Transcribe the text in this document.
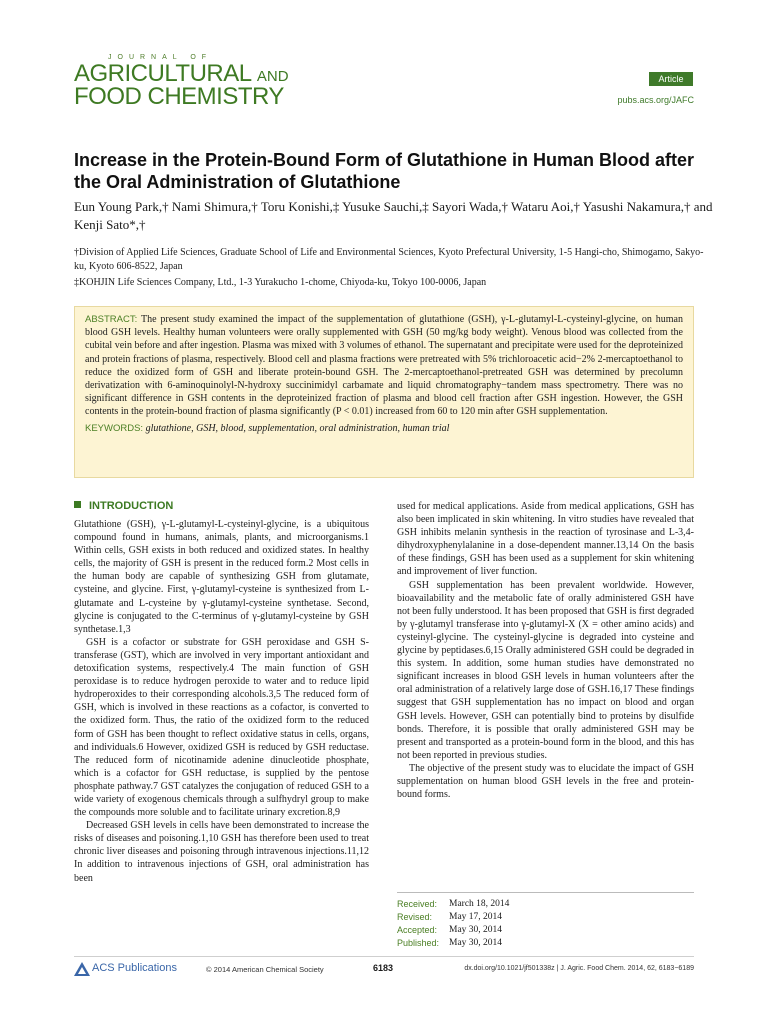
JOURNAL OF
AGRICULTURAL AND
FOOD CHEMISTRY
Article
pubs.acs.org/JAFC
Increase in the Protein-Bound Form of Glutathione in Human Blood after the Oral Administration of Glutathione
Eun Young Park,† Nami Shimura,† Toru Konishi,‡ Yusuke Sauchi,‡ Sayori Wada,† Wataru Aoi,† Yasushi Nakamura,† and Kenji Sato*,†
†Division of Applied Life Sciences, Graduate School of Life and Environmental Sciences, Kyoto Prefectural University, 1-5 Hangi-cho, Shimogamo, Sakyo-ku, Kyoto 606-8522, Japan
‡KOHJIN Life Sciences Company, Ltd., 1-3 Yurakucho 1-chome, Chiyoda-ku, Tokyo 100-0006, Japan
ABSTRACT: The present study examined the impact of the supplementation of glutathione (GSH), γ-L-glutamyl-L-cysteinyl-glycine, on human blood GSH levels. Healthy human volunteers were orally supplemented with GSH (50 mg/kg body weight). Venous blood was collected from the cubital vein before and after ingestion. Plasma was mixed with 3 volumes of ethanol. The supernatant and precipitate were used for the deproteinized and protein fractions of plasma, respectively. Blood cell and plasma fractions were pretreated with 5% trichloroacetic acid−2% 2-mercaptoethanol to reduce the oxidized form of GSH and liberate protein-bound GSH. The 2-mercaptoethanol-pretreated GSH was determined by precolumn derivatization with 6-aminoquinolyl-N-hydroxy succinimidyl carbamate and liquid chromatography−tandem mass spectrometry. There was no significant difference in GSH contents in the deproteinized fraction of plasma and blood cell fraction after GSH ingestion. However, the GSH contents in the protein-bound fraction of plasma significantly (P < 0.01) increased from 60 to 120 min after GSH supplementation.
KEYWORDS: glutathione, GSH, blood, supplementation, oral administration, human trial
INTRODUCTION

Glutathione (GSH), γ-L-glutamyl-L-cysteinyl-glycine, is a ubiquitous compound found in humans, animals, plants, and microorganisms.1 Within cells, GSH exists in both reduced and oxidized states. In healthy cells, the majority of GSH is present in the reduced form.2 Most cells in the human body are capable of synthesizing GSH from glutamate, cysteine, and glycine. First, γ-glutamyl-cysteine is synthesized from L-glutamate and L-cysteine by γ-glutamyl-cysteine synthetase. Second, glycine is conjugated to the C-terminus of γ-glutamyl-cysteine by GSH synthetase.1,3

GSH is a cofactor or substrate for GSH peroxidase and GSH S-transferase (GST), which are involved in very important antioxidant and detoxification systems, respectively.4 The main function of GSH peroxidase is to reduce hydrogen peroxide to water and to reduce lipid hydroperoxides to their corresponding alcohols.3,5 The reduced form of GSH, which is involved in these reactions as a cofactor, is converted to the oxidized form. Thus, the ratio of the oxidized form to the reduced form of GSH has been thought to reflect oxidative status in cells, organs, and individuals.6 However, oxidized GSH is reduced by GSH reductase. The reduced form of nicotinamide adenine dinucleotide phosphate, which is a cofactor for GSH reductase, is supplied by the pentose phosphate pathway.7 GST catalyzes the conjugation of reduced GSH to a wide variety of exogenous chemicals through a sulfhydryl group to make the compounds more soluble and to facilitate urinary excretion.8,9

Decreased GSH levels in cells have been demonstrated to increase the risks of diseases and poisoning.1,10 GSH has therefore been used to treat chronic liver diseases and poisoning through intravenous injections.11,12 In addition to intravenous injections of GSH, oral administration has been

used for medical applications. Aside from medical applications, GSH has also been implicated in skin whitening. In vitro studies have revealed that GSH inhibits melanin synthesis in the reaction of tyrosinase and L-3,4-dihydroxyphenylalanine in a dose-dependent manner.13,14 On the basis of these findings, GSH has been used as a supplement for skin whitening and improvement of liver function.

GSH supplementation has been prevalent worldwide. However, bioavailability and the metabolic fate of orally administered GSH have not been fully understood. It has been proposed that GSH is first degraded by γ-glutamyl transferase into γ-glutamyl-X (X = other amino acids) and cysteinyl-glycine. The cysteinyl-glycine is degraded into cysteine and glycine by peptidases.6,15 Orally administered GSH could be degraded in this system. In addition, some human studies have demonstrated no significant increases in blood GSH levels in human volunteers after the oral administration of a relatively large dose of GSH.16,17 These findings suggest that GSH supplementation has no impact on blood and organ GSH levels. However, GSH can potentially bind to proteins by disulfide bonds. Therefore, it is possible that orally administered GSH may be present and transported as a protein-bound form in the blood, and this has not been reported in previous studies.

The objective of the present study was to elucidate the impact of GSH supplementation on human blood GSH levels in the free and protein-bound forms.

Received:	March 18, 2014
Revised:	May 17, 2014
Accepted:	May 30, 2014
Published:	May 30, 2014
ACS Publications	© 2014 American Chemical Society	6183	dx.doi.org/10.1021/jf501338z | J. Agric. Food Chem. 2014, 62, 6183−6189
